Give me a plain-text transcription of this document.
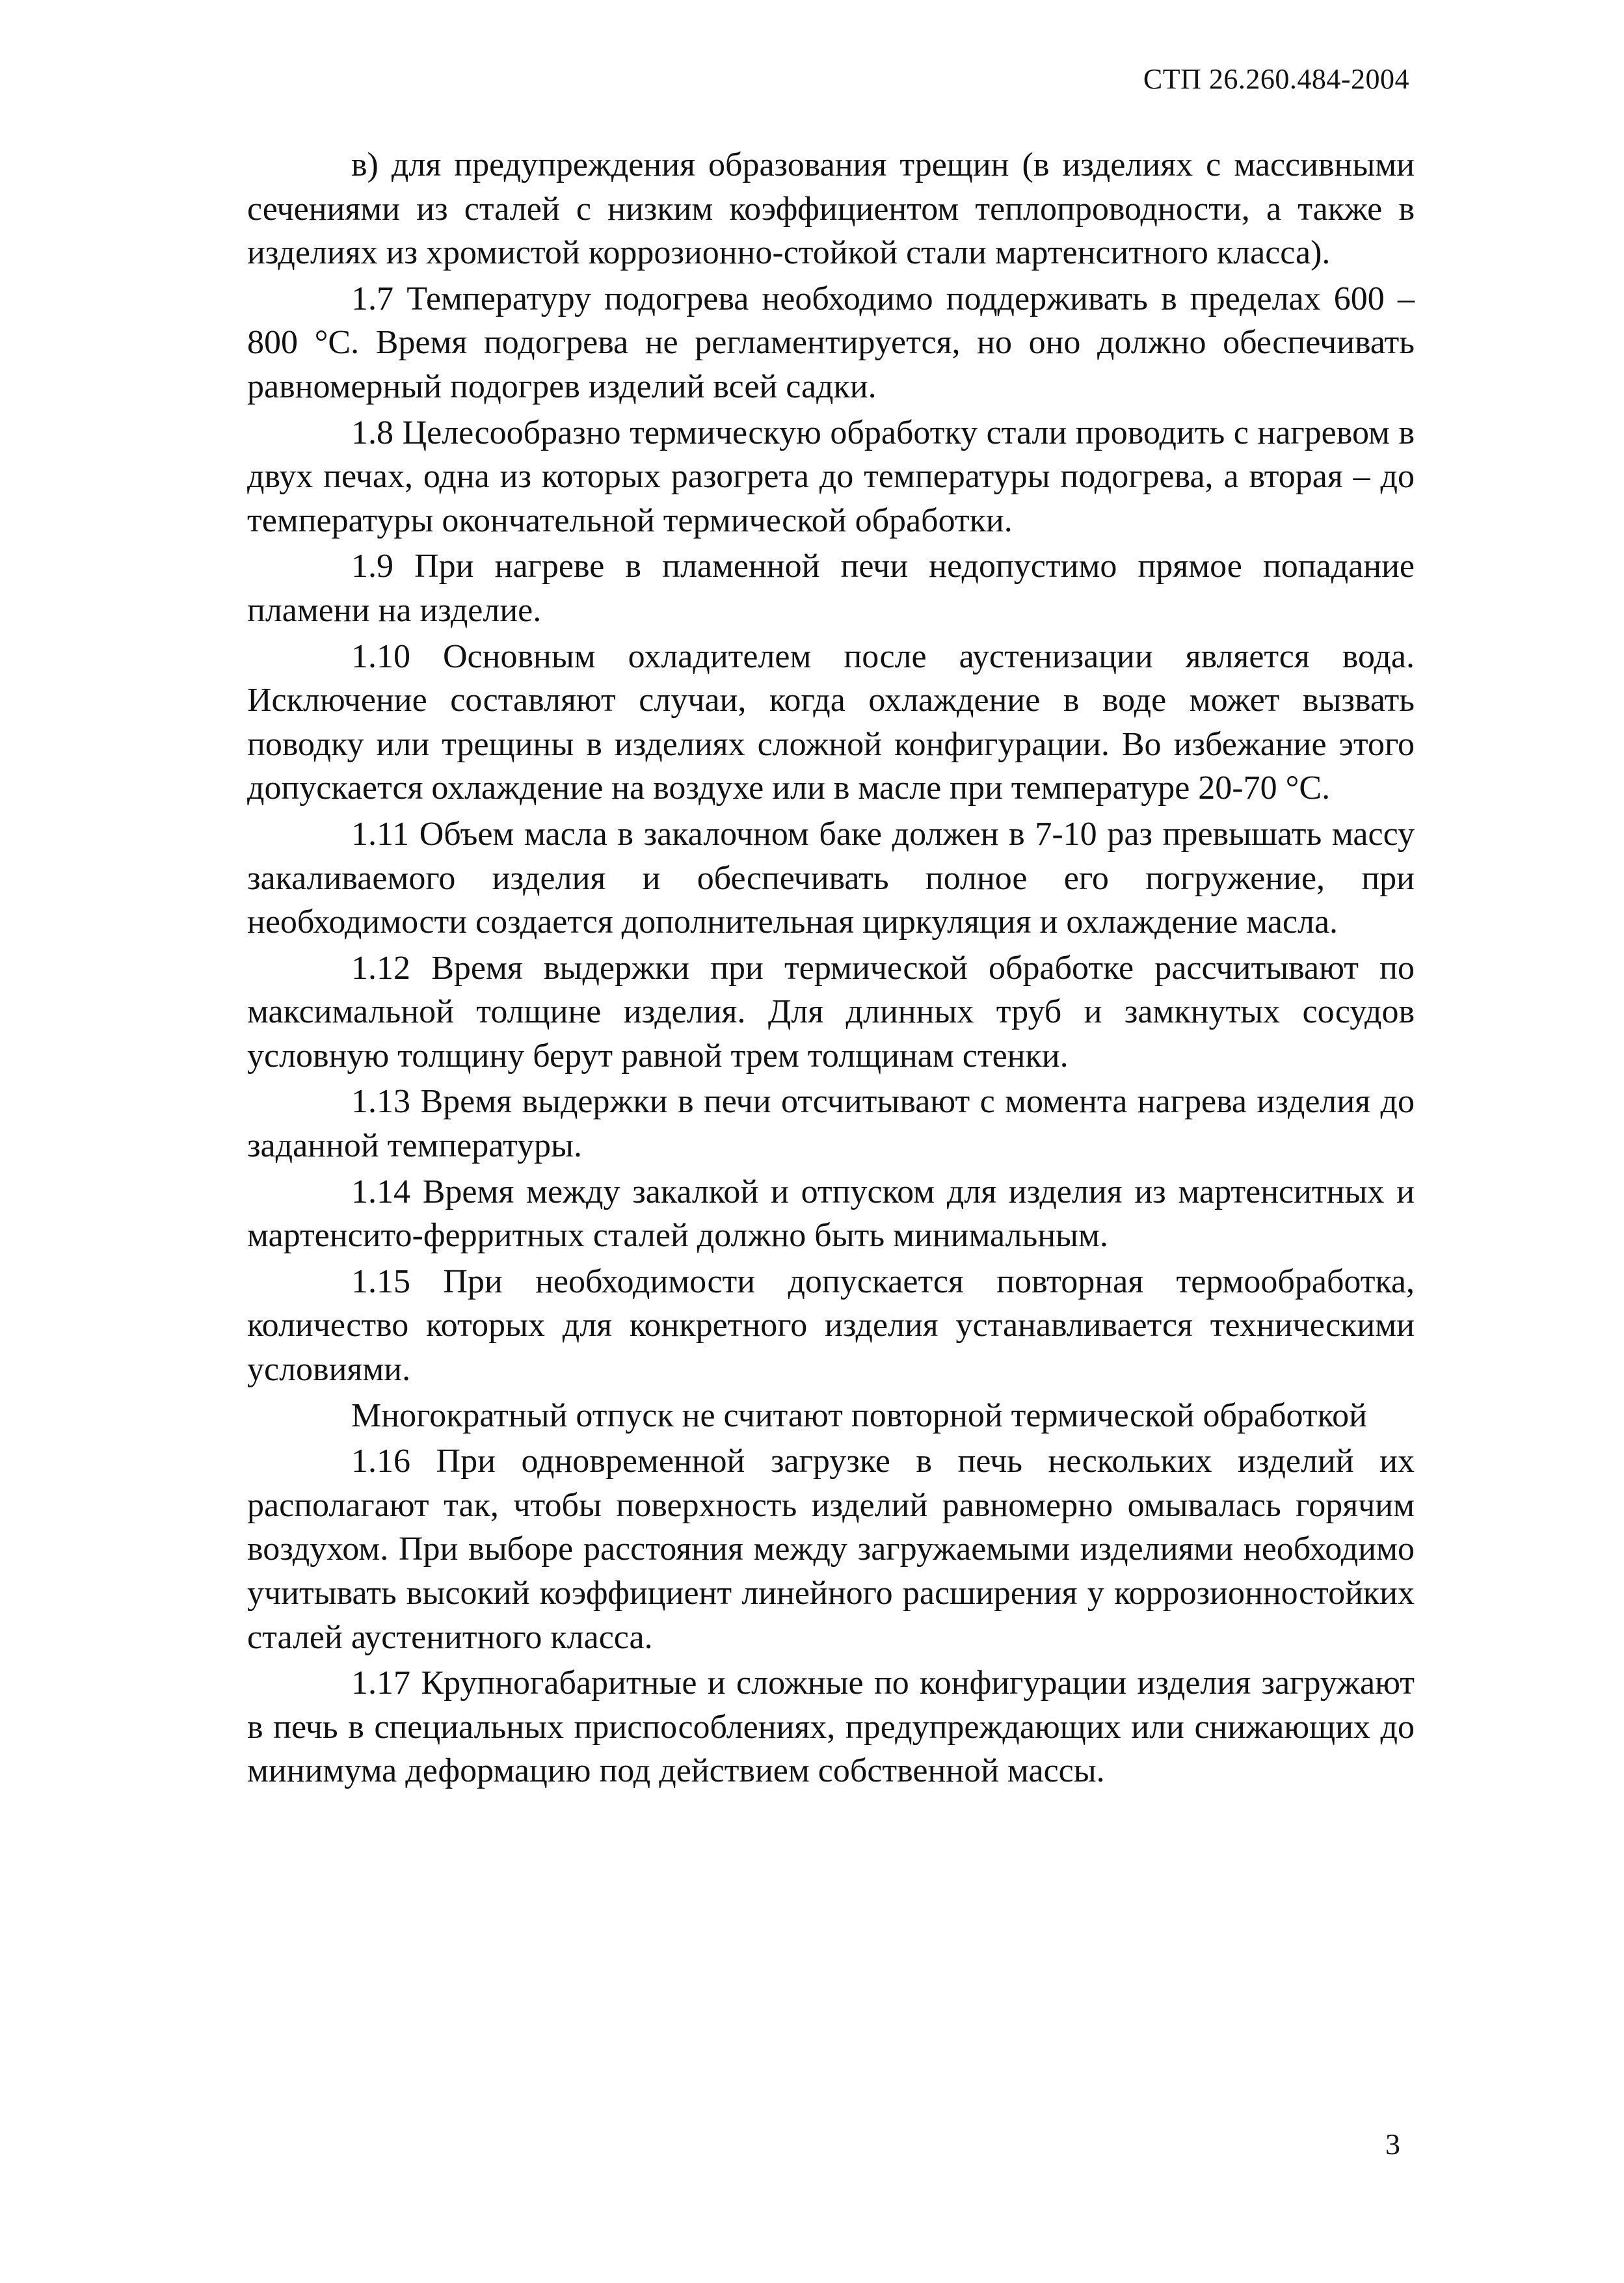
СТП 26.260.484-2004

в) для предупреждения образования трещин (в изделиях с массивными сечениями из сталей с низким коэффициентом теплопроводности, а также в изделиях из хромистой коррозионно-стойкой стали мартенситного класса).

1.7 Температуру подогрева необходимо поддерживать в пределах 600 – 800 °С. Время подогрева не регламентируется, но оно должно обеспечивать равномерный подогрев изделий всей садки.

1.8 Целесообразно термическую обработку стали проводить с нагревом в двух печах, одна из которых разогрета до температуры подогрева, а вторая – до температуры окончательной термической обработки.

1.9 При нагреве в пламенной печи недопустимо прямое попадание пламени на изделие.

1.10 Основным охладителем после аустенизации является вода. Исключение составляют случаи, когда охлаждение в воде может вызвать поводку или трещины в изделиях сложной конфигурации. Во избежание этого допускается охлаждение на воздухе или в масле при температуре 20-70 °С.

1.11 Объем масла в закалочном баке должен в 7-10 раз превышать массу закаливаемого изделия и обеспечивать полное его погружение, при необходимости создается дополнительная циркуляция и охлаждение масла.

1.12 Время выдержки при термической обработке рассчитывают по максимальной толщине изделия. Для длинных труб и замкнутых сосудов условную толщину берут равной трем толщинам стенки.

1.13 Время выдержки в печи отсчитывают с момента нагрева изделия до заданной температуры.

1.14 Время между закалкой и отпуском для изделия из мартенситных и мартенсито-ферритных сталей должно быть минимальным.

1.15 При необходимости допускается повторная термообработка, количество которых для конкретного изделия устанавливается техническими условиями.

Многократный отпуск не считают повторной термической обработкой

1.16 При одновременной загрузке в печь нескольких изделий их располагают так, чтобы поверхность изделий равномерно омывалась горячим воздухом. При выборе расстояния между загружаемыми изделиями необходимо учитывать высокий коэффициент линейного расширения у коррозионностойких сталей аустенитного класса.

1.17 Крупногабаритные и сложные по конфигурации изделия загружают в печь в специальных приспособлениях, предупреждающих или снижающих до минимума деформацию под действием собственной массы.

3
